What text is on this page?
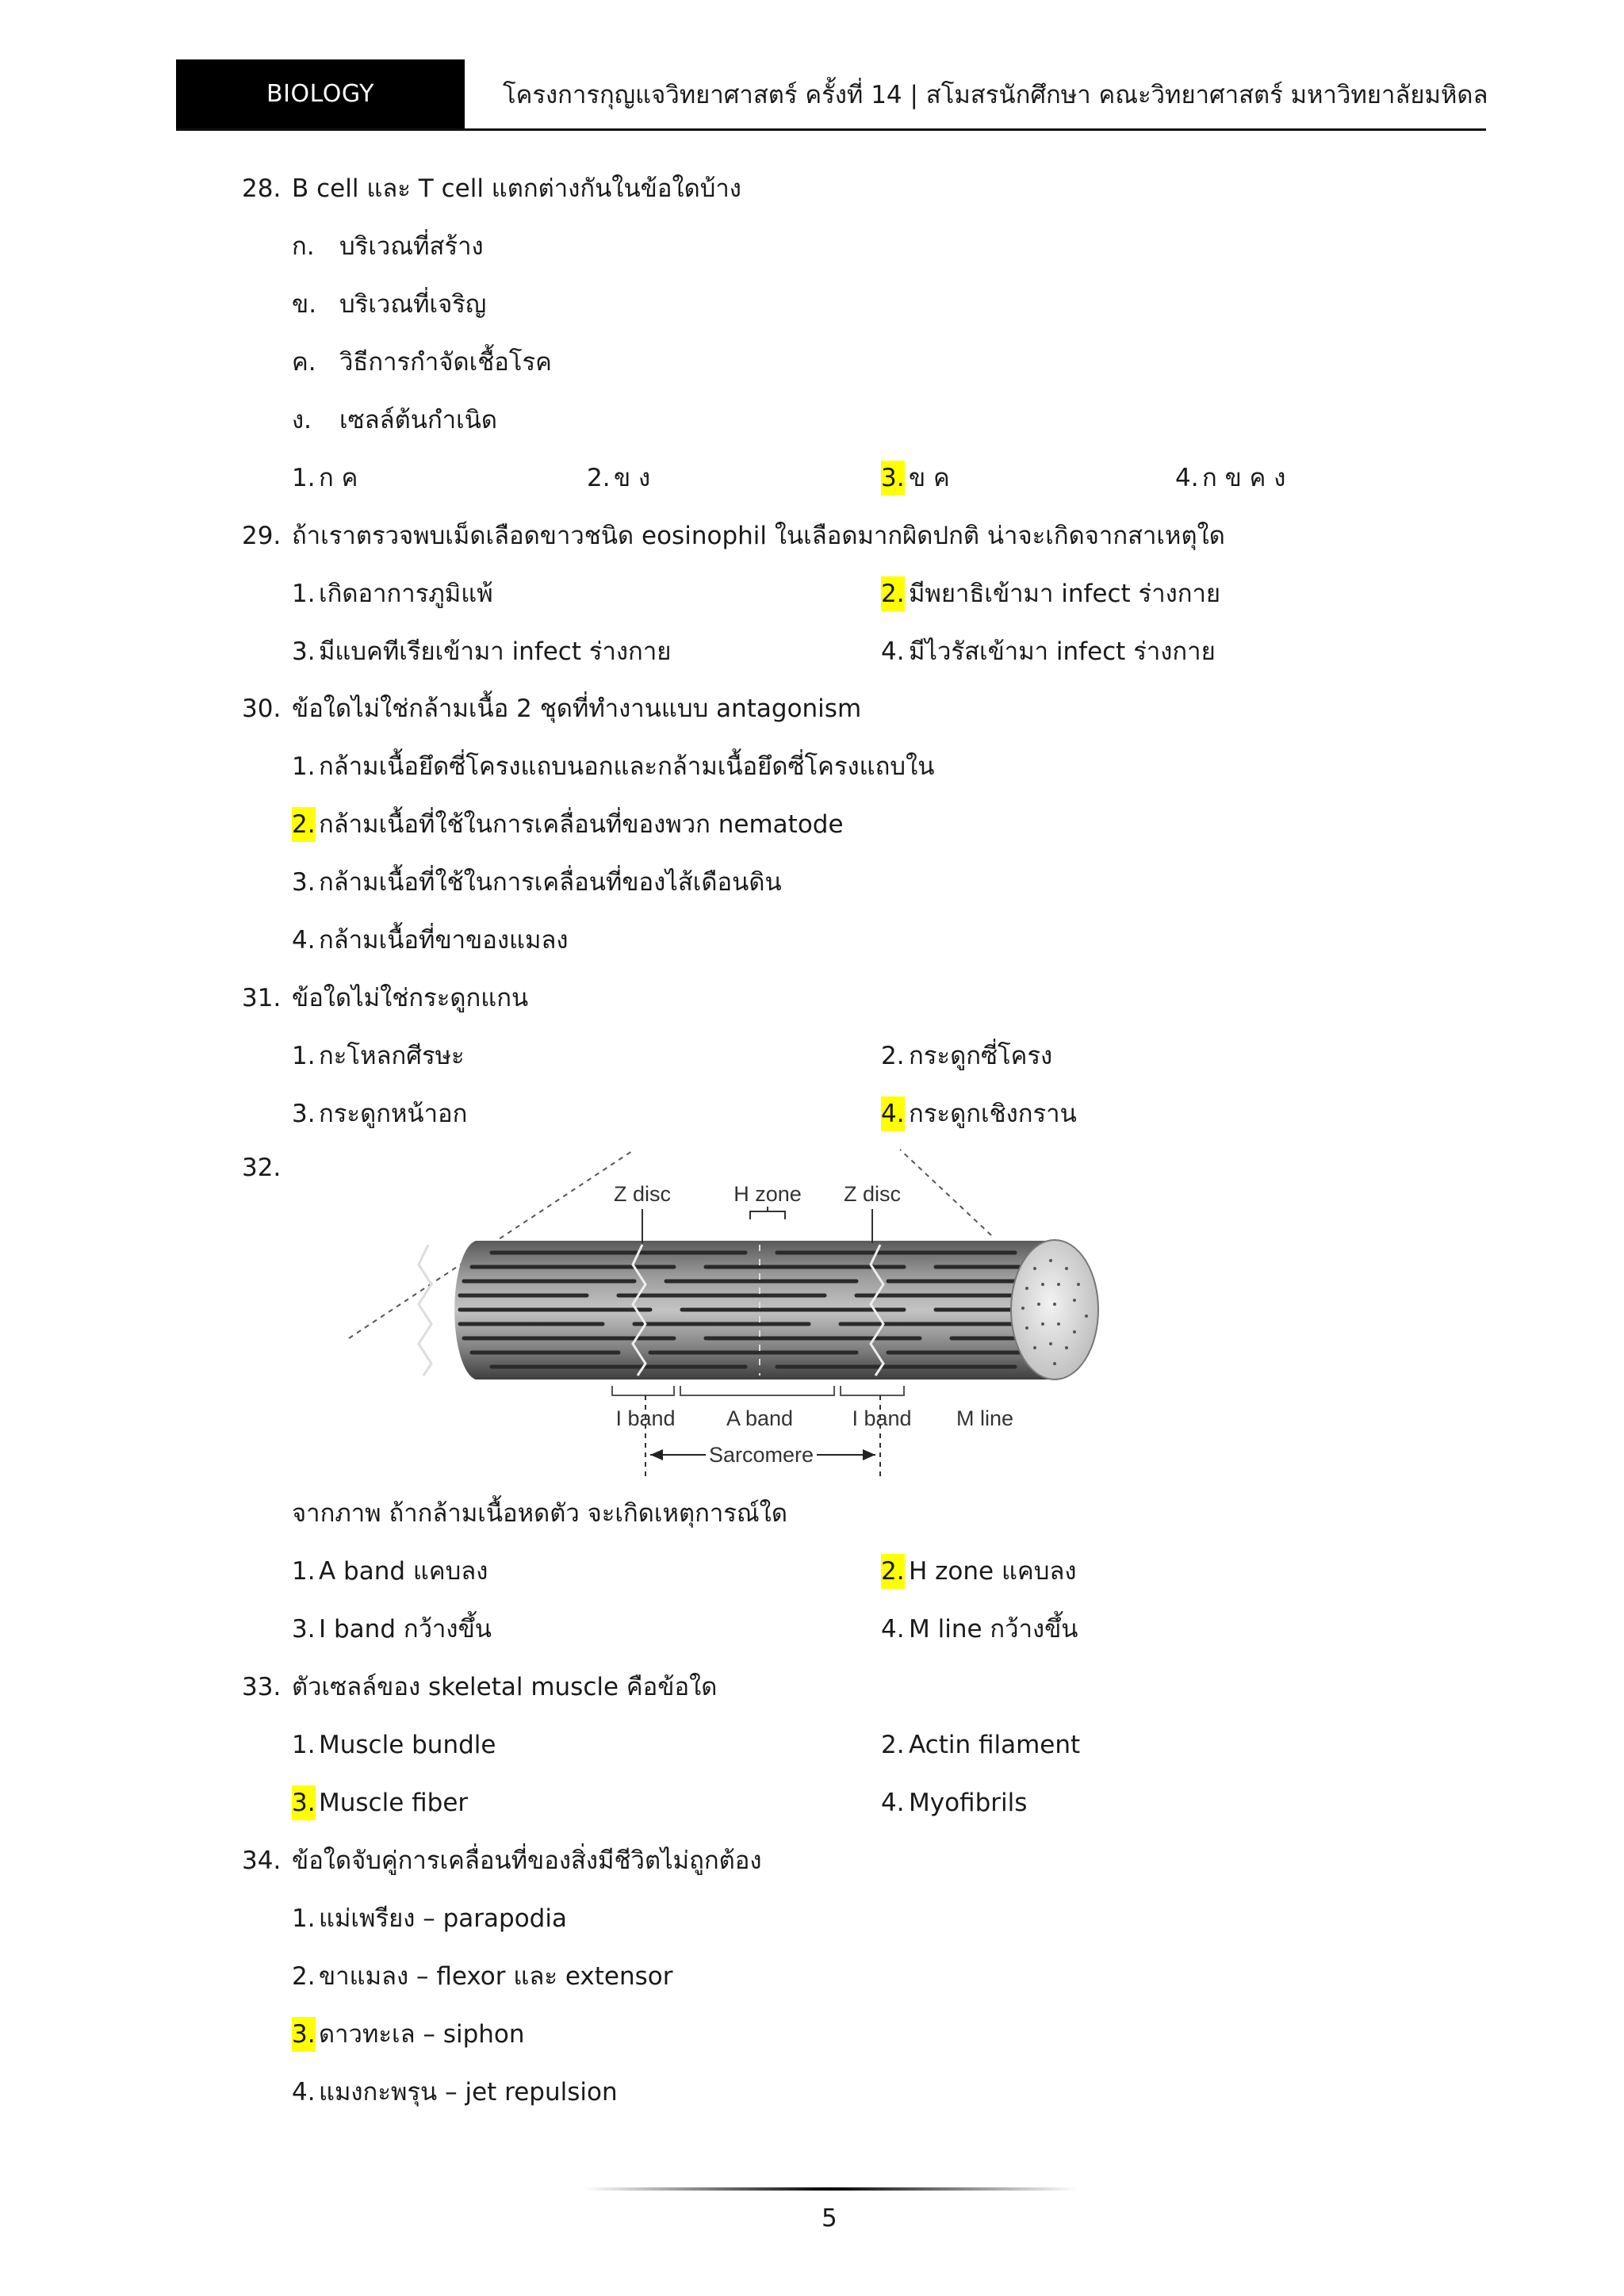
BIOLOGY	โครงการกุญแจวิทยาศาสตร์ ครั้งที่ 14 | สโมสรนักศึกษา คณะวิทยาศาสตร์ มหาวิทยาลัยมหิดล
28. B cell และ T cell แตกต่างกันในข้อใดบ้าง
ก. บริเวณที่สร้าง
ข. บริเวณที่เจริญ
ค. วิธีการกำจัดเชื้อโรค
ง. เซลล์ต้นกำเนิด
1. ก ค	2. ข ง	3. ข ค	4. ก ข ค ง
29. ถ้าเราตรวจพบเม็ดเลือดขาวชนิด eosinophil ในเลือดมากผิดปกติ น่าจะเกิดจากสาเหตุใด
1. เกิดอาการภูมิแพ้	2. มีพยาธิเข้ามา infect ร่างกาย
3. มีแบคทีเรียเข้ามา infect ร่างกาย	4. มีไวรัสเข้ามา infect ร่างกาย
30. ข้อใดไม่ใช่กล้ามเนื้อ 2 ชุดที่ทำงานแบบ antagonism
1. กล้ามเนื้อยึดซี่โครงแถบนอกและกล้ามเนื้อยึดซี่โครงแถบใน
2. กล้ามเนื้อที่ใช้ในการเคลื่อนที่ของพวก nematode
3. กล้ามเนื้อที่ใช้ในการเคลื่อนที่ของไส้เดือนดิน
4. กล้ามเนื้อที่ขาของแมลง
31. ข้อใดไม่ใช่กระดูกแกน
1. กะโหลกศีรษะ	2. กระดูกซี่โครง
3. กระดูกหน้าอก	4. กระดูกเชิงกราน
32.
Z disc	H zone Z disc
I band A band	I band M line
Sarcomere
จากภาพ ถ้ากล้ามเนื้อหดตัว จะเกิดเหตุการณ์ใด
1. A band แคบลง	2. H zone แคบลง
3. I band กว้างขึ้น	4. M line กว้างขึ้น
33. ตัวเซลล์ของ skeletal muscle คือข้อใด
1. Muscle bundle	2. Actin filament
3. Muscle fiber	4. Myofibrils
34. ข้อใดจับคู่การเคลื่อนที่ของสิ่งมีชีวิตไม่ถูกต้อง
1. แม่เพรียง – parapodia
2. ขาแมลง – flexor และ extensor
3. ดาวทะเล – siphon
4. แมงกะพรุน – jet repulsion
5
